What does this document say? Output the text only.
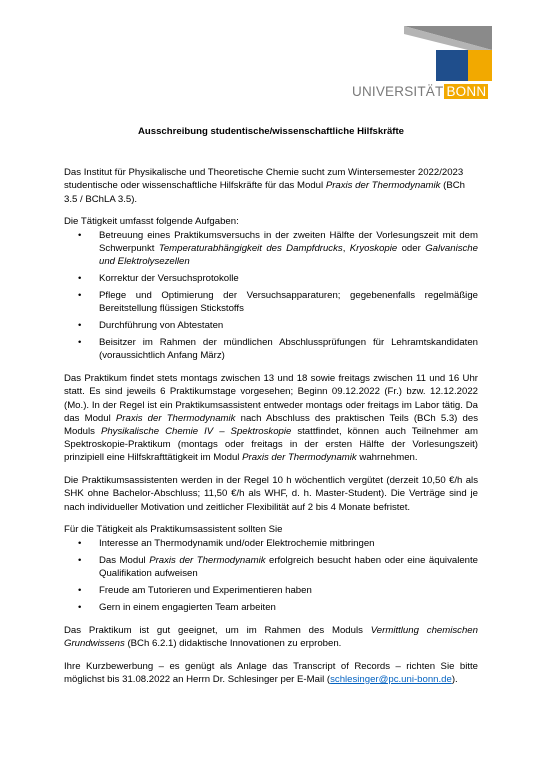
UNIVERSITÄT BONN
Ausschreibung studentische/wissenschaftliche Hilfskräfte

Das Institut für Physikalische und Theoretische Chemie sucht zum Wintersemester 2022/2023 studentische oder wissenschaftliche Hilfskräfte für das Modul Praxis der Thermodynamik (BCh 3.5 / BChLA 3.5).

Die Tätigkeit umfasst folgende Aufgaben:
• Betreuung eines Praktikumsversuchs in der zweiten Hälfte der Vorlesungszeit mit dem Schwerpunkt Temperaturabhängigkeit des Dampfdrucks, Kryoskopie oder Galvanische und Elektrolysezellen
• Korrektur der Versuchsprotokolle
• Pflege und Optimierung der Versuchsapparaturen; gegebenenfalls regelmäßige Bereitstellung flüssigen Stickstoffs
• Durchführung von Abtestaten
• Beisitzer im Rahmen der mündlichen Abschlussprüfungen für Lehramtskandidaten (voraussichtlich Anfang März)

Das Praktikum findet stets montags zwischen 13 und 18 sowie freitags zwischen 11 und 16 Uhr statt. Es sind jeweils 6 Praktikumstage vorgesehen; Beginn 09.12.2022 (Fr.) bzw. 12.12.2022 (Mo.). In der Regel ist ein Praktikumsassistent entweder montags oder freitags im Labor tätig. Da das Modul Praxis der Thermodynamik nach Abschluss des praktischen Teils (BCh 5.3) des Moduls Physikalische Chemie IV – Spektroskopie stattfindet, können auch Teilnehmer am Spektroskopie-Praktikum (montags oder freitags in der ersten Hälfte der Vorlesungszeit) prinzipiell eine Hilfskrafttätigkeit im Modul Praxis der Thermodynamik wahrnehmen.

Die Praktikumsassistenten werden in der Regel 10 h wöchentlich vergütet (derzeit 10,50 €/h als SHK ohne Bachelor-Abschluss; 11,50 €/h als WHF, d. h. Master-Student). Die Verträge sind je nach individueller Motivation und zeitlicher Flexibilität auf 2 bis 4 Monate befristet.

Für die Tätigkeit als Praktikumsassistent sollten Sie
• Interesse an Thermodynamik und/oder Elektrochemie mitbringen
• Das Modul Praxis der Thermodynamik erfolgreich besucht haben oder eine äquivalente Qualifikation aufweisen
• Freude am Tutorieren und Experimentieren haben
• Gern in einem engagierten Team arbeiten

Das Praktikum ist gut geeignet, um im Rahmen des Moduls Vermittlung chemischen Grundwissens (BCh 6.2.1) didaktische Innovationen zu erproben.

Ihre Kurzbewerbung – es genügt als Anlage das Transcript of Records – richten Sie bitte möglichst bis 31.08.2022 an Herrn Dr. Schlesinger per E-Mail (schlesinger@pc.uni-bonn.de).
